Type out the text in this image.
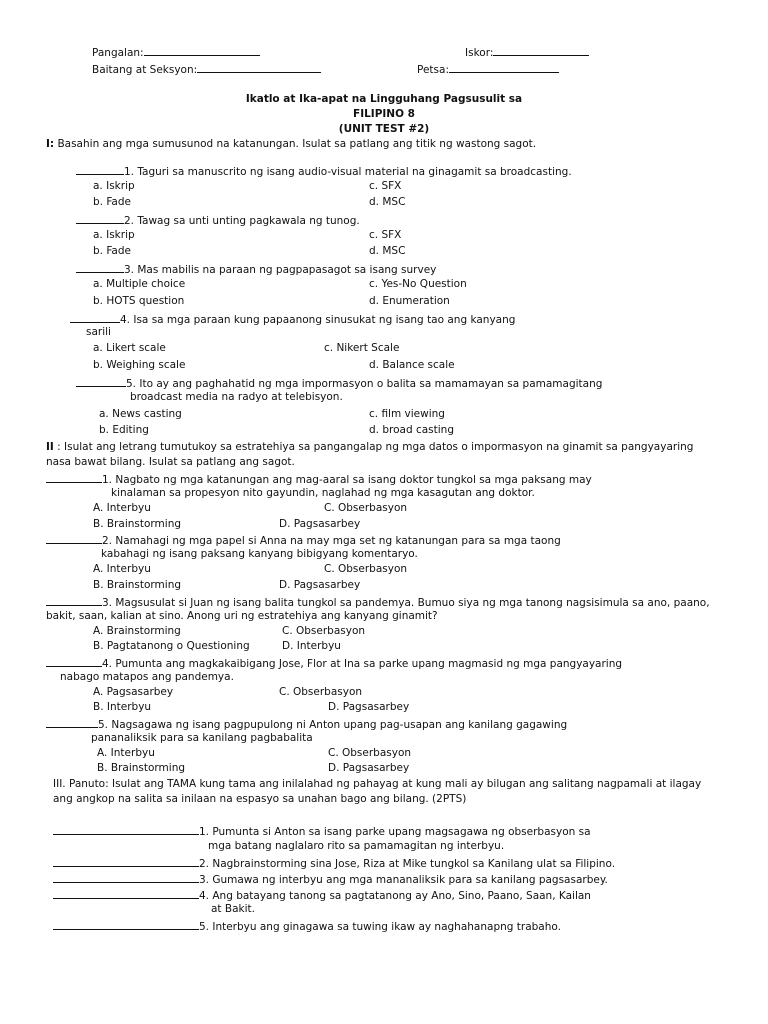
Pangalan:	Iskor:
Baitang at Seksyon:	Petsa:
Ikatlo at Ika-apat na Lingguhang Pagsusulit sa
FILIPINO 8
(UNIT TEST #2)
I: Basahin ang mga sumusunod na katanungan. Isulat sa patlang ang titik ng wastong sagot.
1. Taguri sa manuscrito ng isang audio-visual material na ginagamit sa broadcasting.
a. Iskrip	c. SFX
b. Fade	d. MSC
2. Tawag sa unti unting pagkawala ng tunog.
a. Iskrip	c. SFX
b. Fade	d. MSC
3. Mas mabilis na paraan ng pagpapasagot sa isang survey
a. Multiple choice	c. Yes-No Question
b. HOTS question	d. Enumeration
4. Isa sa mga paraan kung papaanong sinusukat ng isang tao ang kanyang
sarili
a. Likert scale	c. Nikert Scale
b. Weighing scale	d. Balance scale
5. Ito ay ang paghahatid ng mga impormasyon o balita sa mamamayan sa pamamagitang
broadcast media na radyo at telebisyon.
a. News casting	c. film viewing
b. Editing	d. broad casting
II : Isulat ang letrang tumutukoy sa estratehiya sa pangangalap ng mga datos o impormasyon na ginamit sa pangyayaring
nasa bawat bilang. Isulat sa patlang ang sagot.
1. Nagbato ng mga katanungan ang mag-aaral sa isang doktor tungkol sa mga paksang may
kinalaman sa propesyon nito gayundin, naglahad ng mga kasagutan ang doktor.
A. Interbyu	C. Obserbasyon
B. Brainstorming	D. Pagsasarbey
2. Namahagi ng mga papel si Anna na may mga set ng katanungan para sa mga taong
kabahagi ng isang paksang kanyang bibigyang komentaryo.
A. Interbyu	C. Obserbasyon
B. Brainstorming	D. Pagsasarbey
3. Magsusulat si Juan ng isang balita tungkol sa pandemya. Bumuo siya ng mga tanong nagsisimula sa ano, paano,
bakit, saan, kalian at sino. Anong uri ng estratehiya ang kanyang ginamit?
A. Brainstorming	C. Obserbasyon
B. Pagtatanong o Questioning	D. Interbyu
4. Pumunta ang magkakaibigang Jose, Flor at Ina sa parke upang magmasid ng mga pangyayaring
nabago matapos ang pandemya.
A. Pagsasarbey	C. Obserbasyon
B. Interbyu	D. Pagsasarbey
5. Nagsagawa ng isang pagpupulong ni Anton upang pag-usapan ang kanilang gagawing
pananaliksik para sa kanilang pagbabalita
A. Interbyu	C. Obserbasyon
B. Brainstorming	D. Pagsasarbey
III. Panuto: Isulat ang TAMA kung tama ang inilalahad ng pahayag at kung mali ay bilugan ang salitang nagpamali at ilagay
ang angkop na salita sa inilaan na espasyo sa unahan bago ang bilang. (2PTS)
1. Pumunta si Anton sa isang parke upang magsagawa ng obserbasyon sa
mga batang naglalaro rito sa pamamagitan ng interbyu.
2. Nagbrainstorming sina Jose, Riza at Mike tungkol sa Kanilang ulat sa Filipino.
3. Gumawa ng interbyu ang mga mananaliksik para sa kanilang pagsasarbey.
4. Ang batayang tanong sa pagtatanong ay Ano, Sino, Paano, Saan, Kailan
at Bakit.
5. Interbyu ang ginagawa sa tuwing ikaw ay naghahanapng trabaho.
